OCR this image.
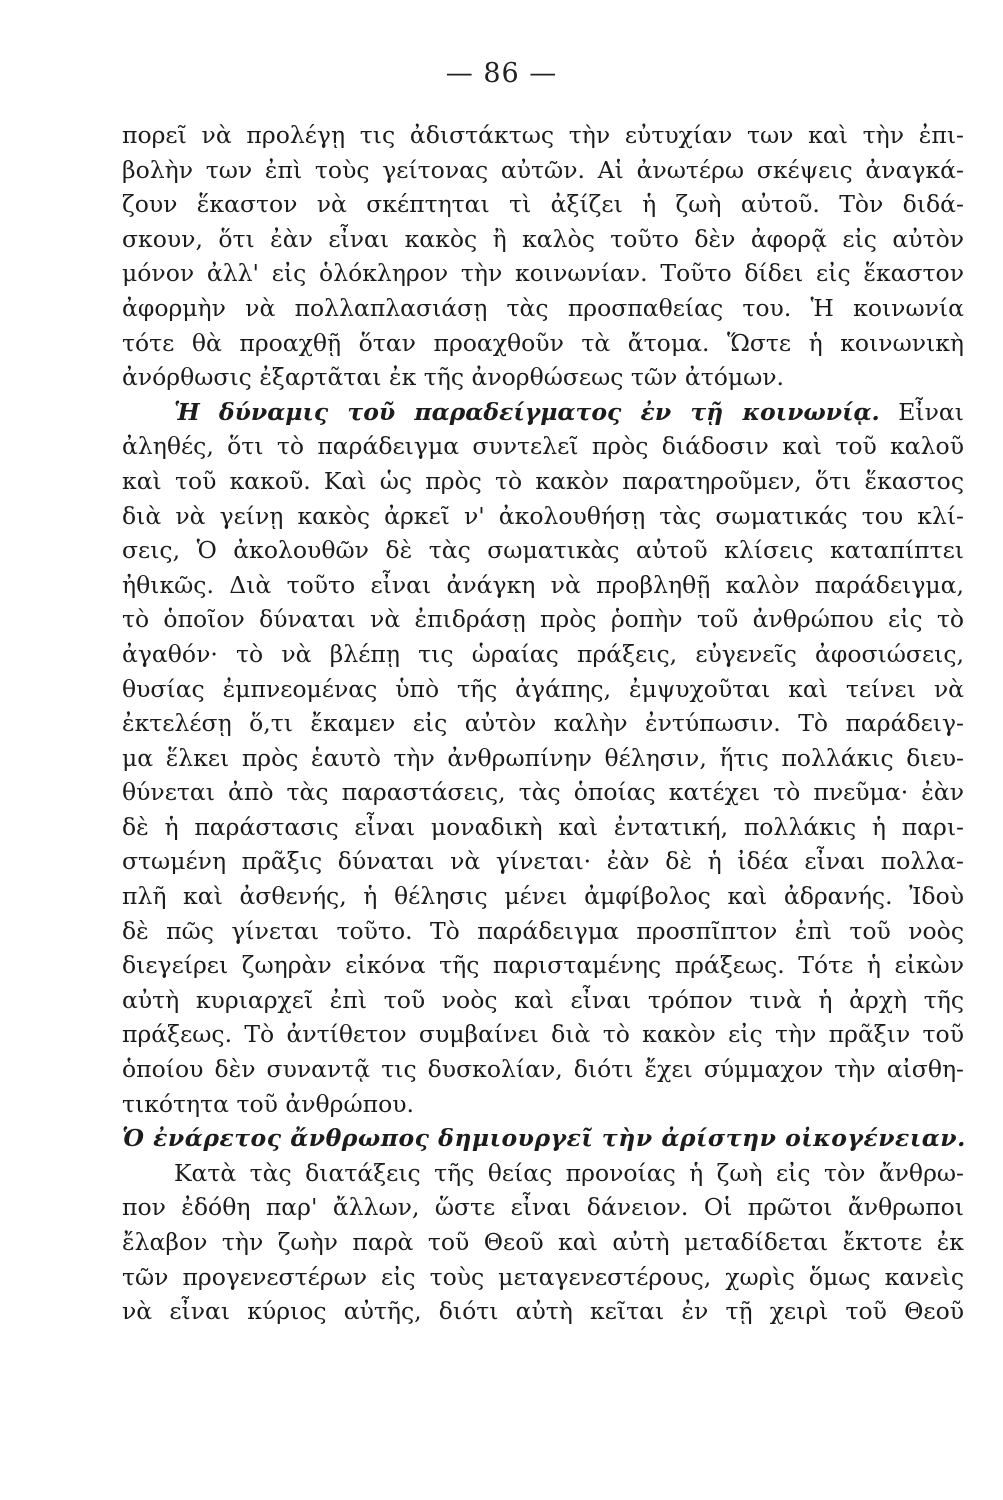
— 86 —
πορεῖ νὰ προλέγῃ τις ἀδιστάκτως τὴν εὐτυχίαν των καὶ τὴν ἐπι-
βολὴν των ἐπὶ τοὺς γείτονας αὐτῶν. Αἱ ἀνωτέρω σκέψεις ἀναγκά-
ζουν ἕκαστον νὰ σκέπτηται τὶ ἀξίζει ἡ ζωὴ αὐτοῦ. Τὸν διδά-
σκουν, ὅτι ἐὰν εἶναι κακὸς ἢ καλὸς τοῦτο δὲν ἀφορᾷ εἰς αὐτὸν
μόνον ἀλλ' εἰς ὁλόκληρον τὴν κοινωνίαν. Τοῦτο δίδει εἰς ἕκαστον
ἀφορμὴν νὰ πολλαπλασιάσῃ τὰς προσπαθείας του. Ἡ κοινωνία
τότε θὰ προαχθῇ ὅταν προαχθοῦν τὰ ἄτομα. Ὥστε ἡ κοινωνικὴ
ἀνόρθωσις ἐξαρτᾶται ἐκ τῆς ἀνορθώσεως τῶν ἀτόμων.
Ἡ δύναμις τοῦ παραδείγματος ἐν τῇ κοινωνίᾳ. Εἶναι
ἀληθές, ὅτι τὸ παράδειγμα συντελεῖ πρὸς διάδοσιν καὶ τοῦ καλοῦ
καὶ τοῦ κακοῦ. Καὶ ὡς πρὸς τὸ κακὸν παρατηροῦμεν, ὅτι ἕκαστος
διὰ νὰ γείνῃ κακὸς ἀρκεῖ ν' ἀκολουθήσῃ τὰς σωματικάς του κλί-
σεις, Ὁ ἀκολουθῶν δὲ τὰς σωματικὰς αὐτοῦ κλίσεις καταπίπτει
ἠθικῶς. Διὰ τοῦτο εἶναι ἀνάγκη νὰ προβληθῇ καλὸν παράδειγμα,
τὸ ὁποῖον δύναται νὰ ἐπιδράσῃ πρὸς ῥοπὴν τοῦ ἀνθρώπου εἰς τὸ
ἀγαθόν· τὸ νὰ βλέπῃ τις ὡραίας πράξεις, εὐγενεῖς ἀφοσιώσεις,
θυσίας ἐμπνεομένας ὑπὸ τῆς ἀγάπης, ἐμψυχοῦται καὶ τείνει νὰ
ἐκτελέσῃ ὅ,τι ἔκαμεν εἰς αὐτὸν καλὴν ἐντύπωσιν. Τὸ παράδειγ-
μα ἕλκει πρὸς ἑαυτὸ τὴν ἀνθρωπίνην θέλησιν, ἥτις πολλάκις διευ-
θύνεται ἀπὸ τὰς παραστάσεις, τὰς ὁποίας κατέχει τὸ πνεῦμα· ἐὰν
δὲ ἡ παράστασις εἶναι μοναδικὴ καὶ ἐντατική, πολλάκις ἡ παρι-
στωμένη πρᾶξις δύναται νὰ γίνεται· ἐὰν δὲ ἡ ἰδέα εἶναι πολλα-
πλῆ καὶ ἀσθενής, ἡ θέλησις μένει ἀμφίβολος καὶ ἀδρανής. Ἰδοὺ
δὲ πῶς γίνεται τοῦτο. Τὸ παράδειγμα προσπῖπτον ἐπὶ τοῦ νοὸς
διεγείρει ζωηρὰν εἰκόνα τῆς παρισταμένης πράξεως. Τότε ἡ εἰκὼν
αὐτὴ κυριαρχεῖ ἐπὶ τοῦ νοὸς καὶ εἶναι τρόπον τινὰ ἡ ἀρχὴ τῆς
πράξεως. Τὸ ἀντίθετον συμβαίνει διὰ τὸ κακὸν εἰς τὴν πρᾶξιν τοῦ
ὁποίου δὲν συναντᾷ τις δυσκολίαν, διότι ἔχει σύμμαχον τὴν αἰσθη-
τικότητα τοῦ ἀνθρώπου.
Ὁ ἐνάρετος ἄνθρωπος δημιουργεῖ τὴν ἀρίστην οἰκογένειαν.
Κατὰ τὰς διατάξεις τῆς θείας προνοίας ἡ ζωὴ εἰς τὸν ἄνθρω-
πον ἐδόθη παρ' ἄλλων, ὥστε εἶναι δάνειον. Οἱ πρῶτοι ἄνθρωποι
ἔλαβον τὴν ζωὴν παρὰ τοῦ Θεοῦ καὶ αὐτὴ μεταδίδεται ἔκτοτε ἐκ
τῶν προγενεστέρων εἰς τοὺς μεταγενεστέρους, χωρὶς ὅμως κανεὶς
νὰ εἶναι κύριος αὐτῆς, διότι αὐτὴ κεῖται ἐν τῇ χειρὶ τοῦ Θεοῦ
